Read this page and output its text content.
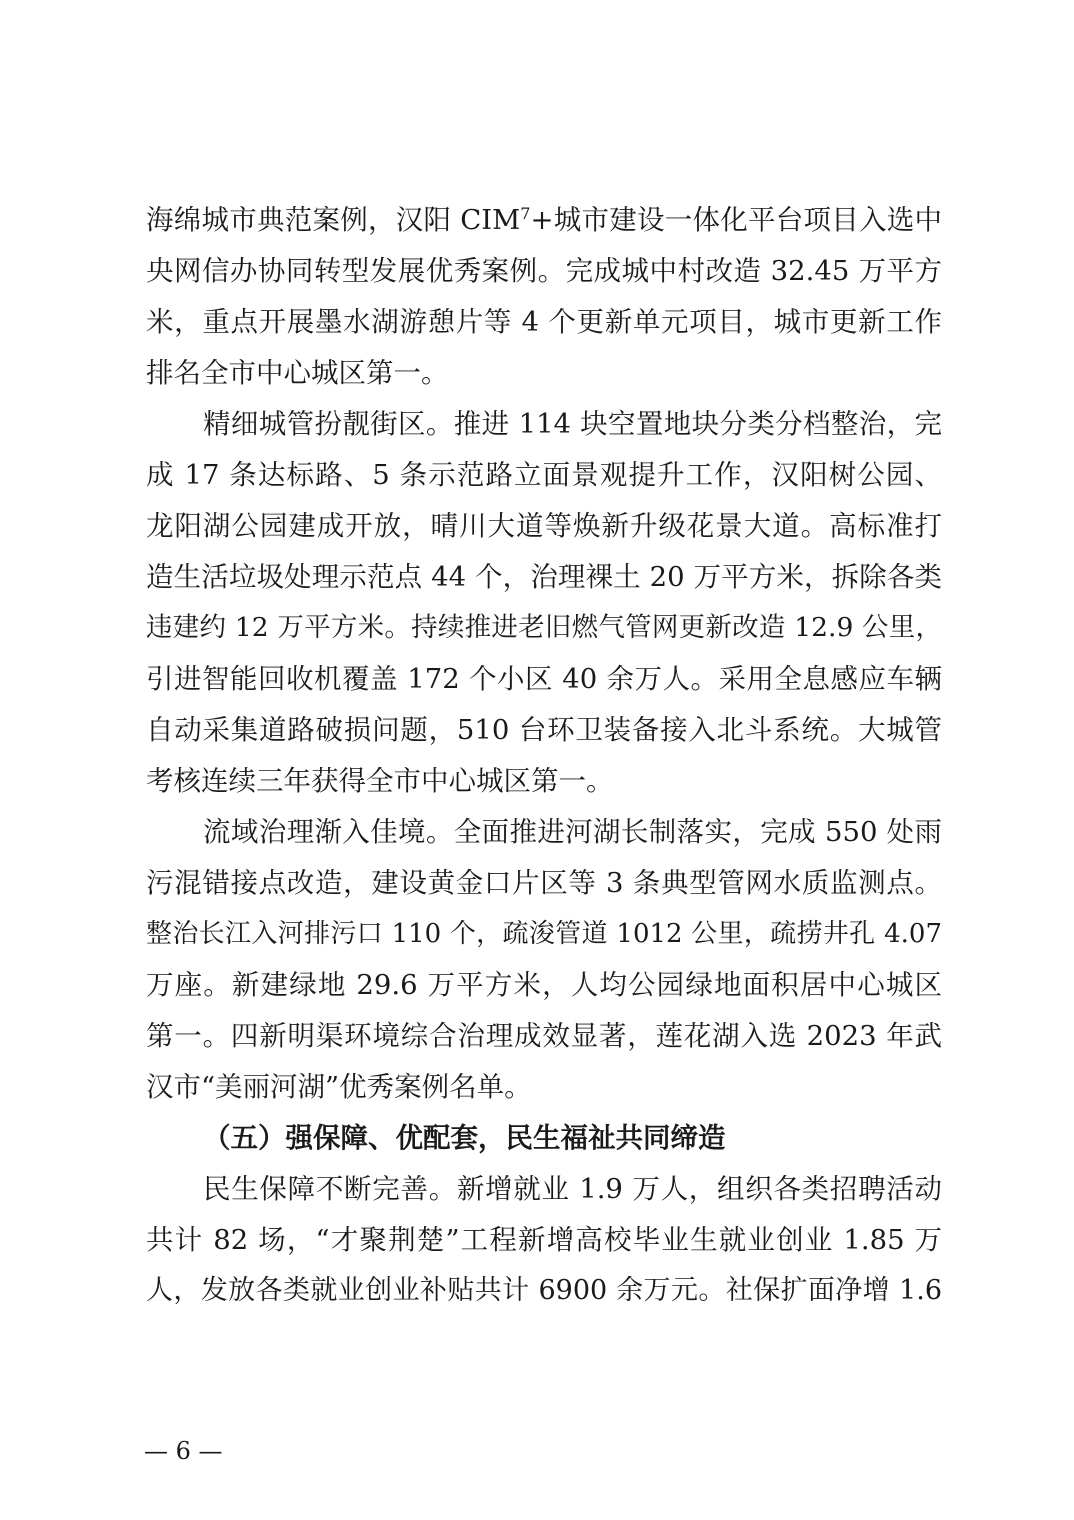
海绵城市典范案例，汉阳 $CIM^7+$城市建设一体化平台项目入选中
央网信办协同转型发展优秀案例。完成城中村改造 32.45 万平方
米，重点开展墨水湖游憩片等 4 个更新单元项目，城市更新工作
排名全市中心城区第一。
精细城管扮靓街区。推进 114 块空置地块分类分档整治，完
成 17 条达标路、5 条示范路立面景观提升工作，汉阳树公园、
龙阳湖公园建成开放，晴川大道等焕新升级花景大道。高标准打
造生活垃圾处理示范点 44 个，治理裸土 20 万平方米，拆除各类
违建约 12 万平方米。持续推进老旧燃气管网更新改造 12.9 公里，
引进智能回收机覆盖 172 个小区 40 余万人。采用全息感应车辆
自动采集道路破损问题，510 台环卫装备接入北斗系统。大城管
考核连续三年获得全市中心城区第一。
流域治理渐入佳境。全面推进河湖长制落实，完成 550 处雨
污混错接点改造，建设黄金口片区等 3 条典型管网水质监测点。
整治长江入河排污口 110 个，疏浚管道 1012 公里，疏捞井孔 4.07
万座。新建绿地 29.6 万平方米，人均公园绿地面积居中心城区
第一。四新明渠环境综合治理成效显著，莲花湖入选 2023 年武
汉市“美丽河湖”优秀案例名单。
（五）强保障、优配套，民生福祉共同缔造
民生保障不断完善。新增就业 1.9 万人，组织各类招聘活动
共计 82 场，“才聚荆楚”工程新增高校毕业生就业创业 1.85 万
人，发放各类就业创业补贴共计 6900 余万元。社保扩面净增 1.6
— 6 —
